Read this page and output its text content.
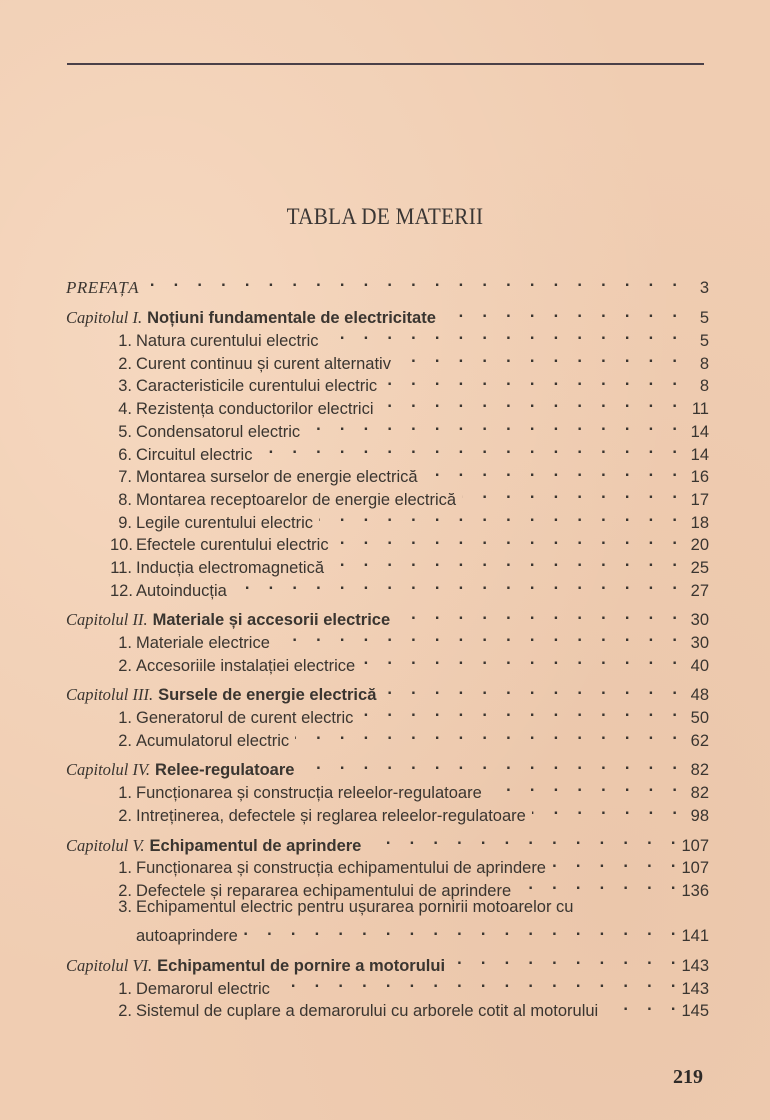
TABLA DE MATERII
PREFAȚA . .	3
Capitolul I. Noțiuni fundamentale de electricitate . .	5
1. Natura curentului electric . .	5
2. Curent continuu și curent alternativ . .	8
3. Caracteristicile curentului electric . .	8
4. Rezistența conductorilor electrici . .	11
5. Condensatorul electric . .	14
6. Circuitul electric . .	14
7. Montarea surselor de energie electrică . .	16
8. Montarea receptoarelor de energie electrică . .	17
9. Legile curentului electric . .	18
10. Efectele curentului electric . .	20
11. Inducția electromagnetică . .	25
12. Autoinducția . .	27
Capitolul II. Materiale și accesorii electrice . .	30
1. Materiale electrice . .	30
2. Accesoriile instalației electrice . .	40
Capitolul III. Sursele de energie electrică . .	48
1. Generatorul de curent electric . .	50
2. Acumulatorul electric . .	62
Capitolul IV. Relee-regulatoare . .	82
1. Funcționarea și construcția releelor-regulatoare . .	82
2. Intreținerea, defectele și reglarea releelor-regulatoare . .	98
Capitolul V. Echipamentul de aprindere . .	107
1. Funcționarea și construcția echipamentului de aprindere . .	107
2. Defectele și repararea echipamentului de aprindere . .	136
3. Echipamentul electric pentru ușurarea pornirii motoarelor cu
autoaprindere . .	141
Capitolul VI. Echipamentul de pornire a motorului . .	143
1. Demarorul electric . .	143
2. Sistemul de cuplare a demarorului cu arborele cotit al motorului . .	145
219
